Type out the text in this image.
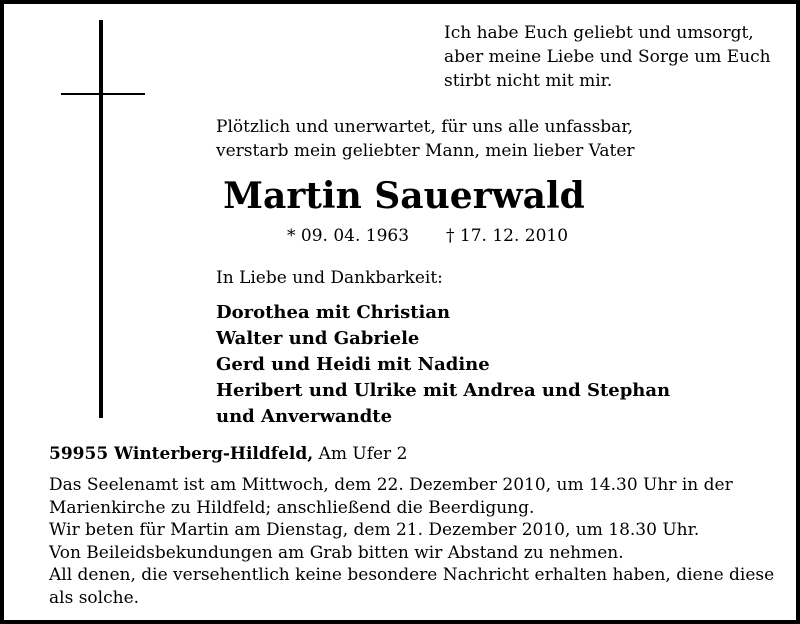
Ich habe Euch geliebt und umsorgt,
aber meine Liebe und Sorge um Euch
stirbt nicht mit mir.
Plötzlich und unerwartet, für uns alle unfassbar,
verstarb mein geliebter Mann, mein lieber Vater
Martin Sauerwald
* 09. 04. 1963 † 17. 12. 2010
In Liebe und Dankbarkeit:
Dorothea mit Christian
Walter und Gabriele
Gerd und Heidi mit Nadine
Heribert und Ulrike mit Andrea und Stephan
und Anverwandte
59955 Winterberg-Hildfeld, Am Ufer 2
Das Seelenamt ist am Mittwoch, dem 22. Dezember 2010, um 14.30 Uhr in der
Marienkirche zu Hildfeld; anschließend die Beerdigung.
Wir beten für Martin am Dienstag, dem 21. Dezember 2010, um 18.30 Uhr.
Von Beileidsbekundungen am Grab bitten wir Abstand zu nehmen.
All denen, die versehentlich keine besondere Nachricht erhalten haben, diene diese
als solche.
